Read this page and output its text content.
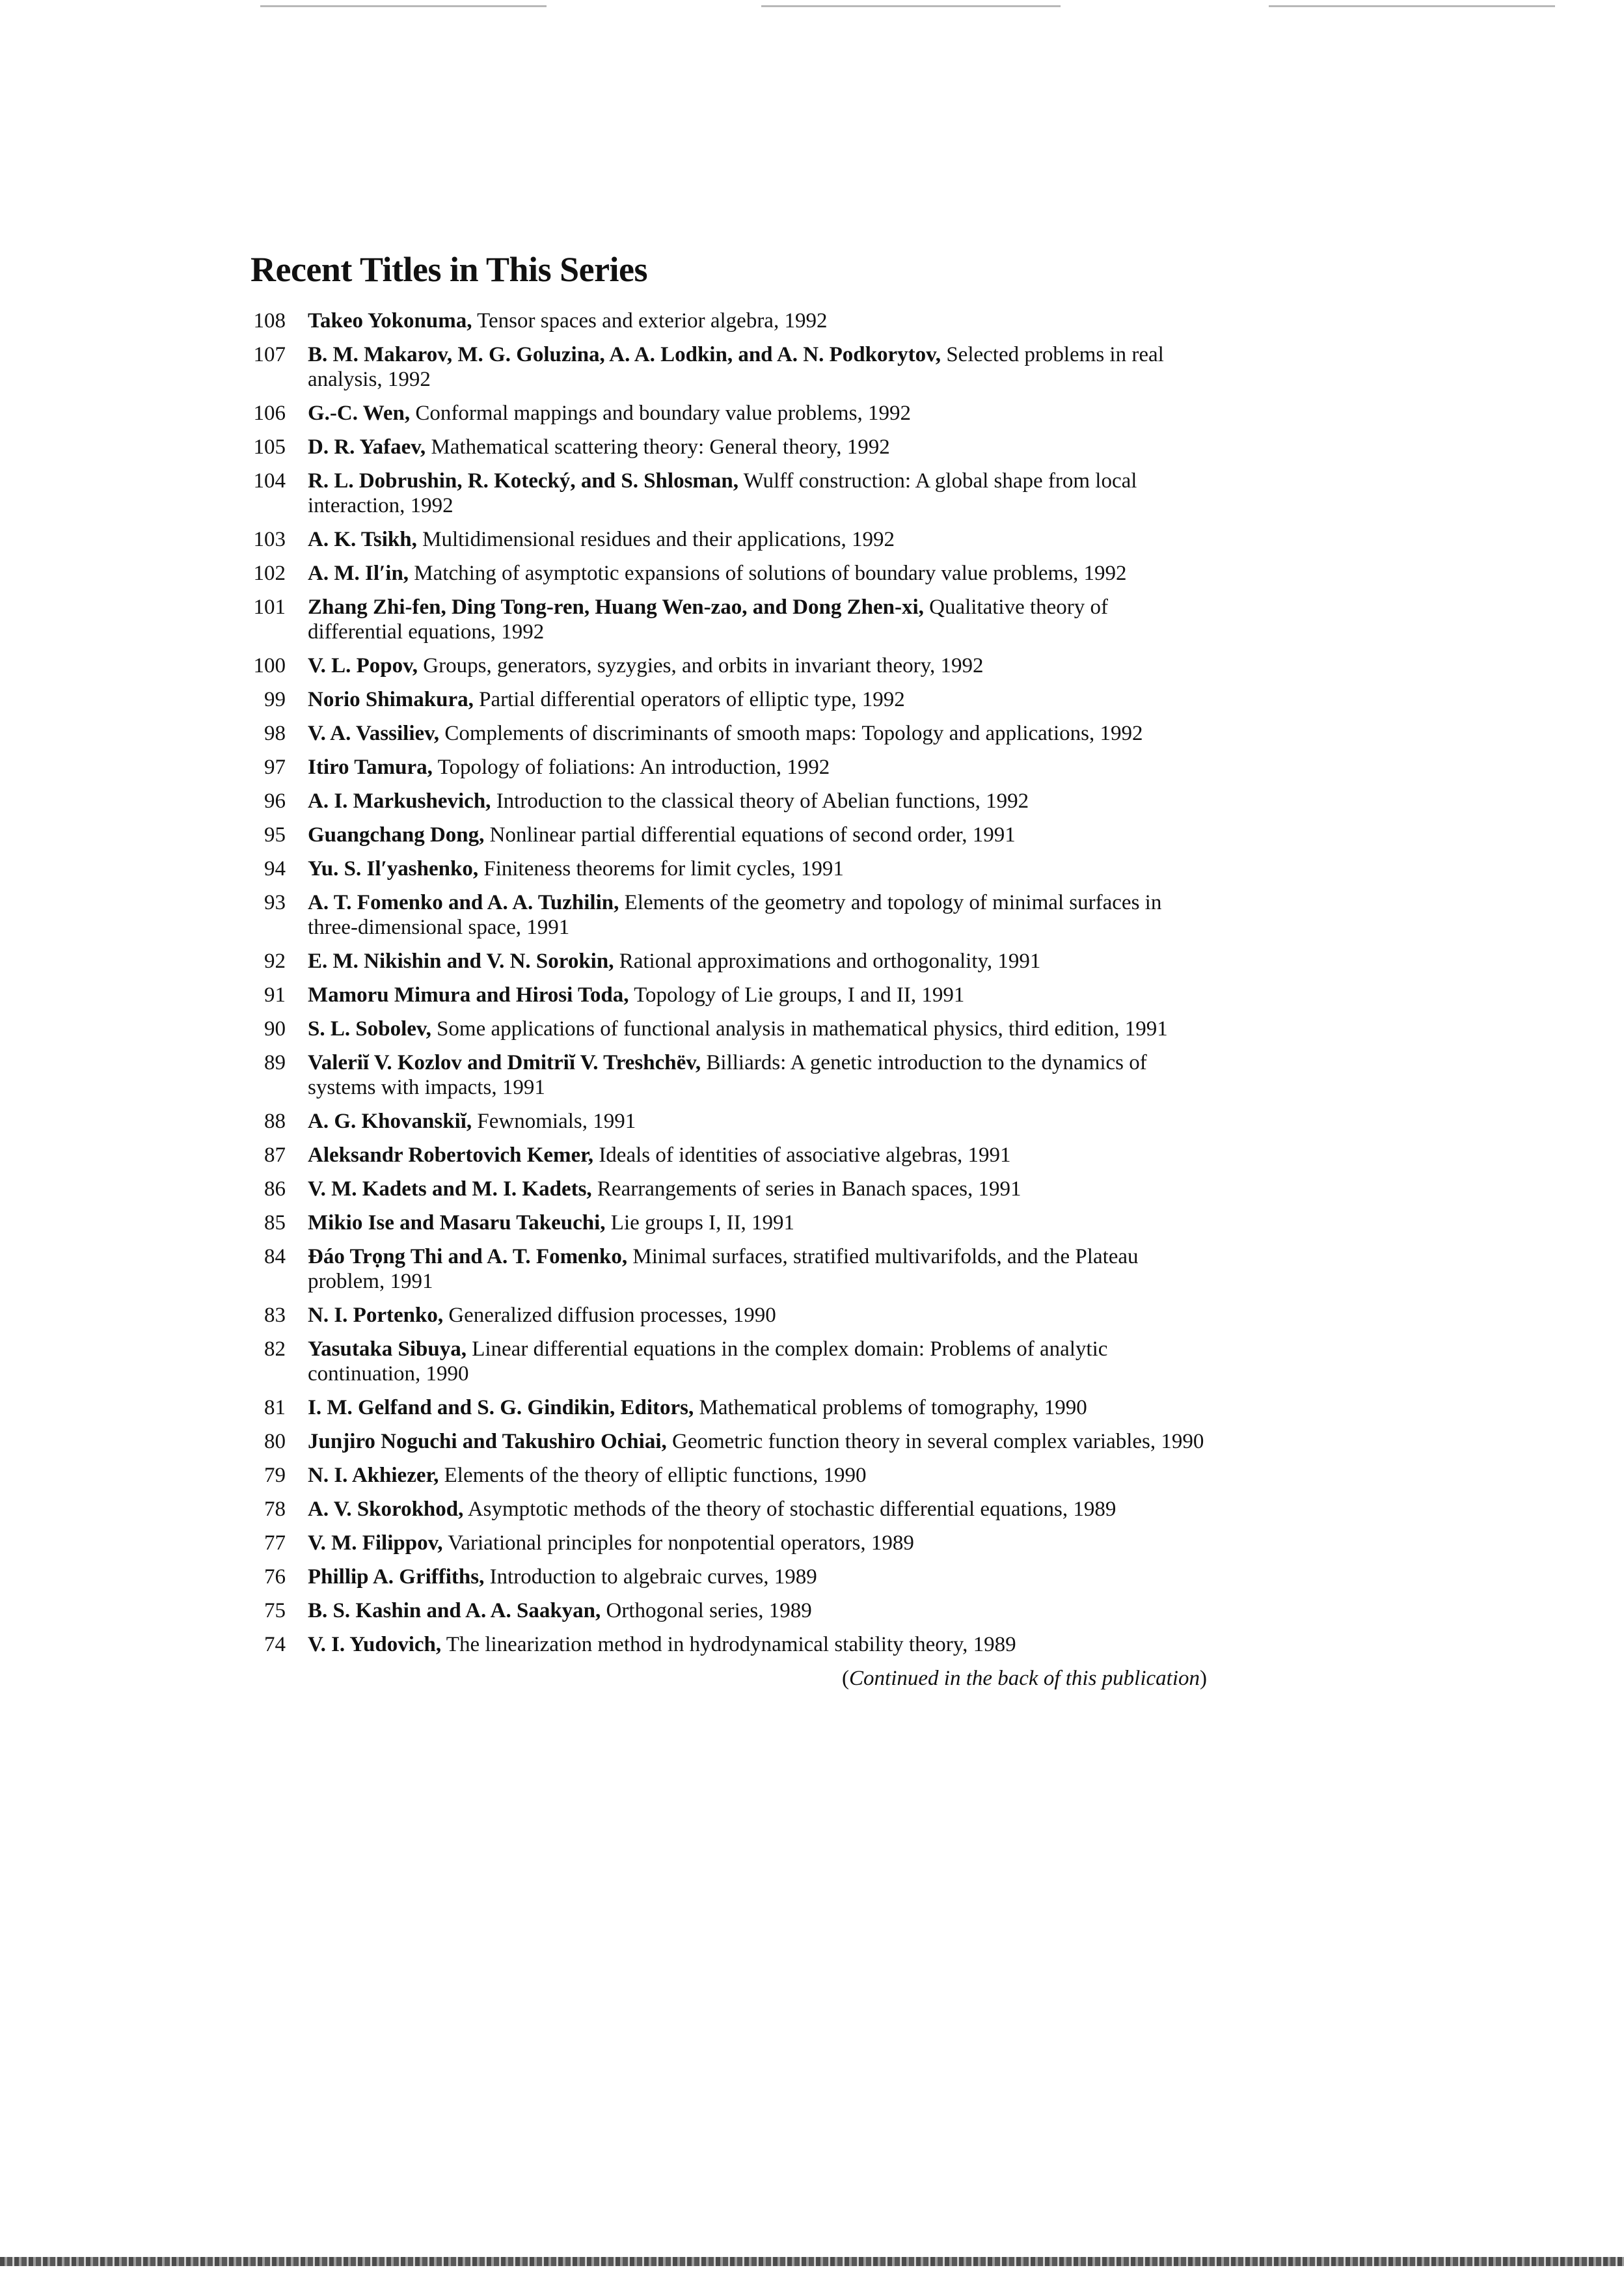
Recent Titles in This Series
108 Takeo Yokonuma, Tensor spaces and exterior algebra, 1992
107 B. M. Makarov, M. G. Goluzina, A. A. Lodkin, and A. N. Podkorytov, Selected problems in real analysis, 1992
106 G.-C. Wen, Conformal mappings and boundary value problems, 1992
105 D. R. Yafaev, Mathematical scattering theory: General theory, 1992
104 R. L. Dobrushin, R. Kotecký, and S. Shlosman, Wulff construction: A global shape from local interaction, 1992
103 A. K. Tsikh, Multidimensional residues and their applications, 1992
102 A. M. Il′in, Matching of asymptotic expansions of solutions of boundary value problems, 1992
101 Zhang Zhi-fen, Ding Tong-ren, Huang Wen-zao, and Dong Zhen-xi, Qualitative theory of differential equations, 1992
100 V. L. Popov, Groups, generators, syzygies, and orbits in invariant theory, 1992
99 Norio Shimakura, Partial differential operators of elliptic type, 1992
98 V. A. Vassiliev, Complements of discriminants of smooth maps: Topology and applications, 1992
97 Itiro Tamura, Topology of foliations: An introduction, 1992
96 A. I. Markushevich, Introduction to the classical theory of Abelian functions, 1992
95 Guangchang Dong, Nonlinear partial differential equations of second order, 1991
94 Yu. S. Il′yashenko, Finiteness theorems for limit cycles, 1991
93 A. T. Fomenko and A. A. Tuzhilin, Elements of the geometry and topology of minimal surfaces in three-dimensional space, 1991
92 E. M. Nikishin and V. N. Sorokin, Rational approximations and orthogonality, 1991
91 Mamoru Mimura and Hirosi Toda, Topology of Lie groups, I and II, 1991
90 S. L. Sobolev, Some applications of functional analysis in mathematical physics, third edition, 1991
89 Valeriĭ V. Kozlov and Dmitriĭ V. Treshchëv, Billiards: A genetic introduction to the dynamics of systems with impacts, 1991
88 A. G. Khovanskiĭ, Fewnomials, 1991
87 Aleksandr Robertovich Kemer, Ideals of identities of associative algebras, 1991
86 V. M. Kadets and M. I. Kadets, Rearrangements of series in Banach spaces, 1991
85 Mikio Ise and Masaru Takeuchi, Lie groups I, II, 1991
84 Đáo Trọng Thi and A. T. Fomenko, Minimal surfaces, stratified multivarifolds, and the Plateau problem, 1991
83 N. I. Portenko, Generalized diffusion processes, 1990
82 Yasutaka Sibuya, Linear differential equations in the complex domain: Problems of analytic continuation, 1990
81 I. M. Gelfand and S. G. Gindikin, Editors, Mathematical problems of tomography, 1990
80 Junjiro Noguchi and Takushiro Ochiai, Geometric function theory in several complex variables, 1990
79 N. I. Akhiezer, Elements of the theory of elliptic functions, 1990
78 A. V. Skorokhod, Asymptotic methods of the theory of stochastic differential equations, 1989
77 V. M. Filippov, Variational principles for nonpotential operators, 1989
76 Phillip A. Griffiths, Introduction to algebraic curves, 1989
75 B. S. Kashin and A. A. Saakyan, Orthogonal series, 1989
74 V. I. Yudovich, The linearization method in hydrodynamical stability theory, 1989
(Continued in the back of this publication)
